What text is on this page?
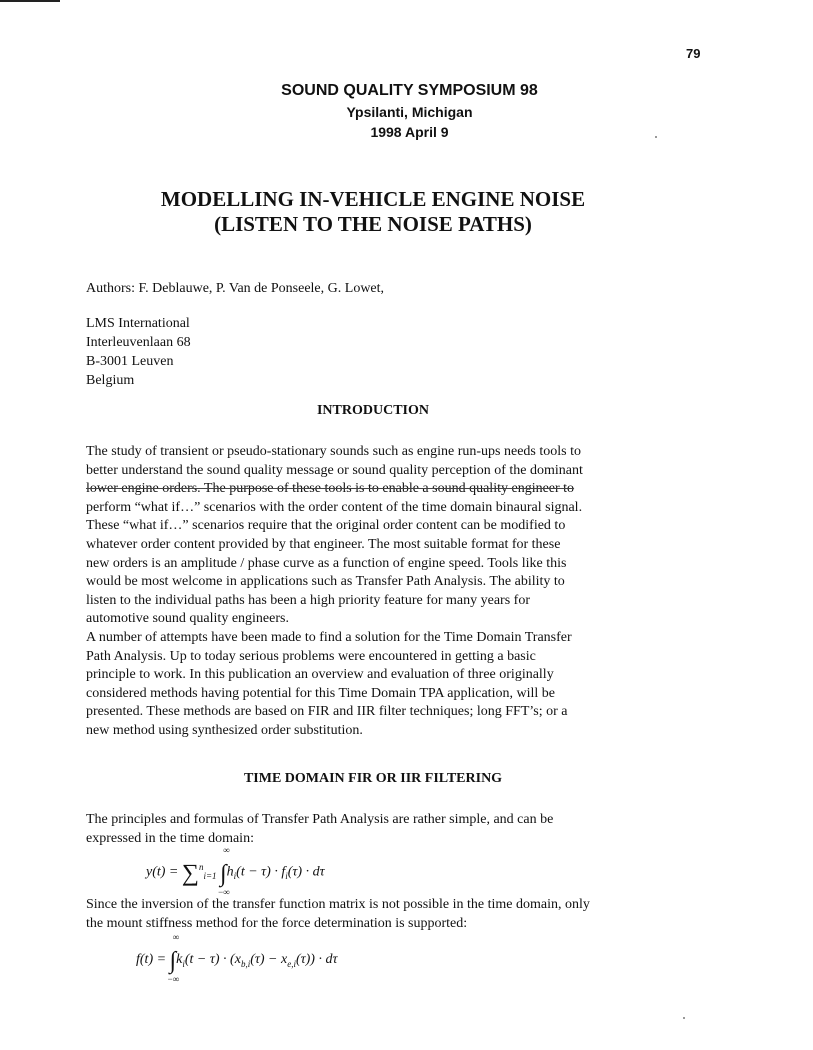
79
SOUND QUALITY SYMPOSIUM 98
Ypsilanti, Michigan
1998 April 9
MODELLING IN-VEHICLE ENGINE NOISE
(LISTEN TO THE NOISE PATHS)
Authors: F. Deblauwe, P. Van de Ponseele, G. Lowet,
LMS International
Interleuvenlaan 68
B-3001 Leuven
Belgium
INTRODUCTION
The study of transient or pseudo-stationary sounds such as engine run-ups needs tools to
better understand the sound quality message or sound quality perception of the dominant
lower engine orders. The purpose of these tools is to enable a sound quality engineer to
perform “what if…” scenarios with the order content of the time domain binaural signal.
These “what if…” scenarios require that the original order content can be modified to
whatever order content provided by that engineer. The most suitable format for these
new orders is an amplitude / phase curve as a function of engine speed. Tools like this
would be most welcome in applications such as Transfer Path Analysis. The ability to
listen to the individual paths has been a high priority feature for many years for
automotive sound quality engineers.
A number of attempts have been made to find a solution for the Time Domain Transfer
Path Analysis. Up to today serious problems were encountered in getting a basic
principle to work. In this publication an overview and evaluation of three originally
considered methods having potential for this Time Domain TPA application, will be
presented. These methods are based on FIR and IIR filter techniques; long FFT’s; or a
new method using synthesized order substitution.
TIME DOMAIN FIR OR IIR FILTERING
The principles and formulas of Transfer Path Analysis are rather simple, and can be
expressed in the time domain:
y(t) = ∑$^n_{i=1}$
∞
∫
−∞
$h_i(t - \tau) \cdot f_i(\tau) \cdot d\tau$
Since the inversion of the transfer function matrix is not possible in the time domain, only
the mount stiffness method for the force determination is supported:
f(t) =
∞
∫
−∞
$k_i(t - \tau) \cdot (x_{b,i}(\tau) - x_{e,i}(\tau)) \cdot d\tau$
